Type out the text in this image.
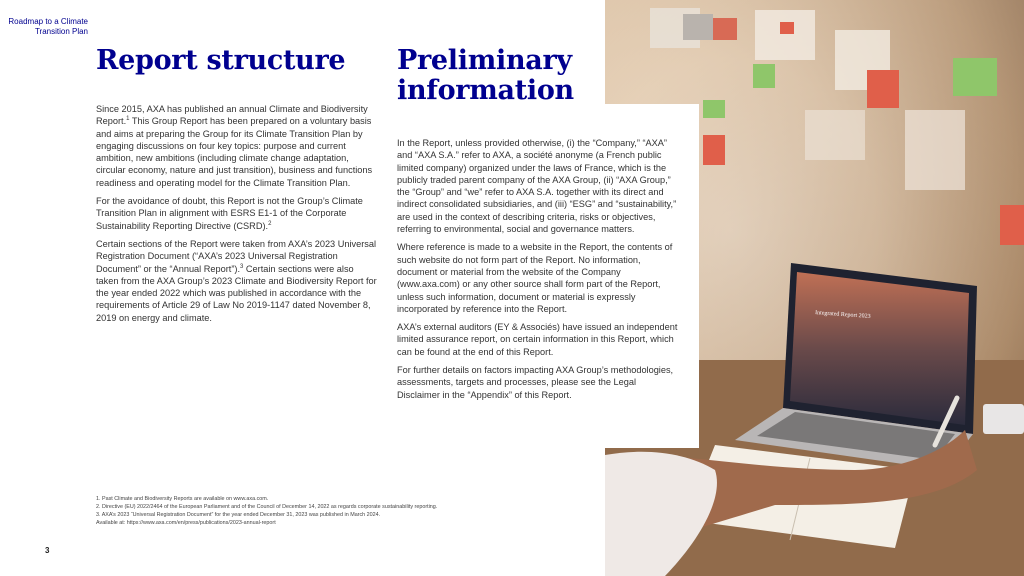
Roadmap to a Climate Transition Plan
Report structure

Since 2015, AXA has published an annual Climate and Biodiversity Report.$^1$ This Group Report has been prepared on a voluntary basis and aims at preparing the Group for its Climate Transition Plan by engaging discussions on four key topics: purpose and current ambition, new ambitions (including climate change adaptation, circular economy, nature and just transition), business and functions readiness and operating model for the Climate Transition Plan.

For the avoidance of doubt, this Report is not the Group’s Climate Transition Plan in alignment with ESRS E1-1 of the Corporate Sustainability Reporting Directive (CSRD).$^2$

Certain sections of the Report were taken from AXA’s 2023 Universal Registration Document (“AXA’s 2023 Universal Registration Document” or the “Annual Report”).$^3$ Certain sections were also taken from the AXA Group’s 2023 Climate and Biodiversity Report for the year ended 2022 which was published in accordance with the requirements of Article 29 of Law No 2019-1147 dated November 8, 2019 on energy and climate.	Integrated Report 2023
Preliminary information

In the Report, unless provided otherwise, (i) the “Company,” “AXA” and “AXA S.A.” refer to AXA, a société anonyme (a French public limited company) organized under the laws of France, which is the publicly traded parent company of the AXA Group, (ii) “AXA Group,” the “Group” and “we” refer to AXA S.A. together with its direct and indirect consolidated subsidiaries, and (iii) “ESG” and “sustainability,” are used in the context of describing criteria, risks or objectives, referring to environmental, social and governance matters.

Where reference is made to a website in the Report, the contents of such website do not form part of the Report. No information, document or material from the website of the Company (www.axa.com) or any other source shall form part of the Report, unless such information, document or material is expressly incorporated by reference into the Report.

AXA’s external auditors (EY & Associés) have issued an independent limited assurance report, on certain information in this Report, which can be found at the end of this Report.

For further details on factors impacting AXA Group’s methodologies, assessments, targets and processes, please see the Legal Disclaimer in the “Appendix” of this Report.

1. Past Climate and Biodiversity Reports are available on www.axa.com.
2. Directive (EU) 2022/2464 of the European Parliament and of the Council of December 14, 2022 as regards corporate sustainability reporting.
3. AXA’s 2023 “Universal Registration Document” for the year ended December 31, 2023 was published in March 2024.
Available at: https://www.axa.com/en/press/publications/2023-annual-report
3
